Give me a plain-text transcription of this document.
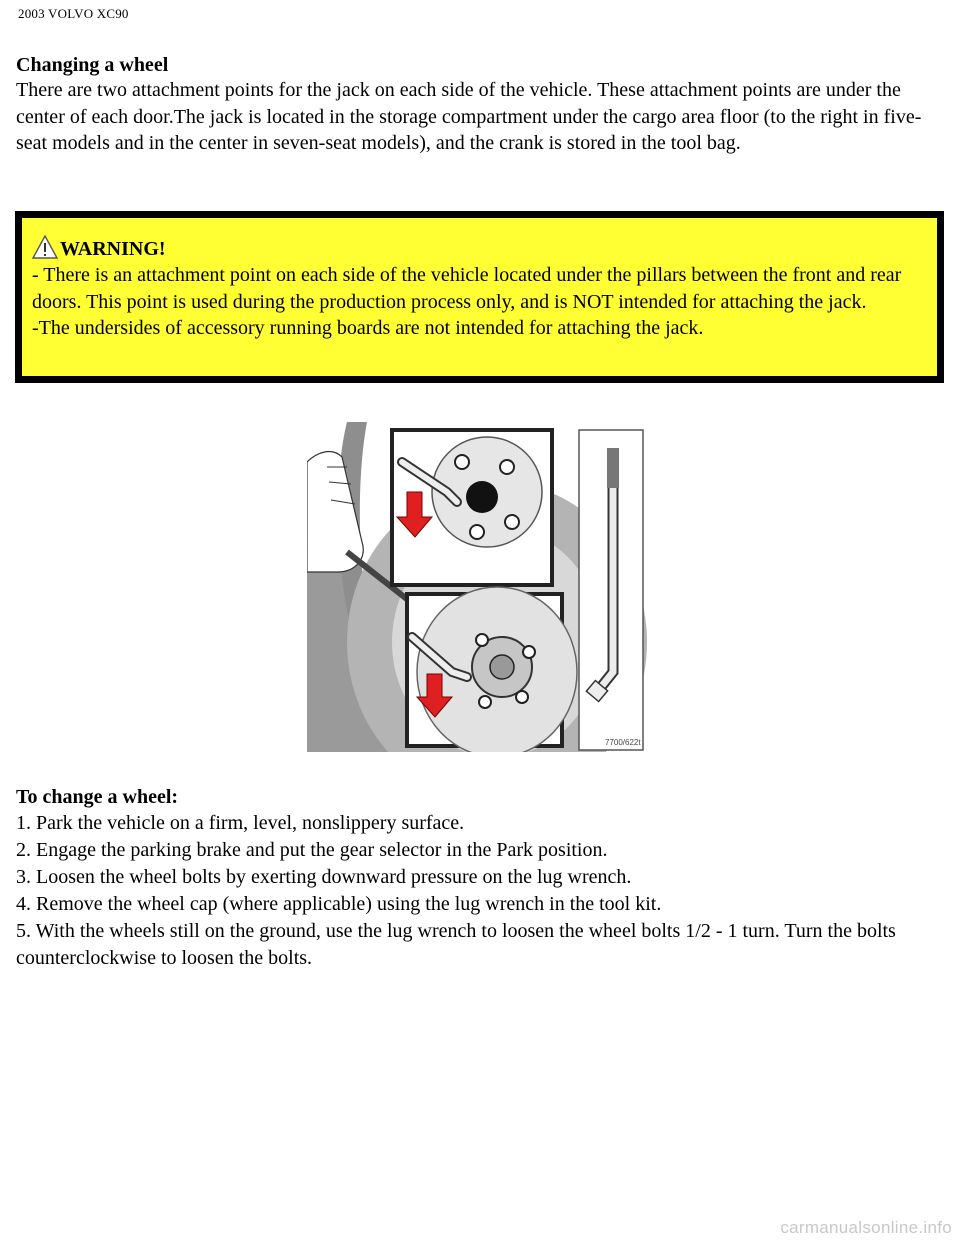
2003 VOLVO XC90
Changing a wheel
There are two attachment points for the jack on each side of the vehicle. These attachment points are under the center of each door.The jack is located in the storage compartment under the cargo area floor (to the right in five-seat models and in the center in seven-seat models), and the crank is stored in the tool bag.
WARNING!
- There is an attachment point on each side of the vehicle located under the pillars between the front and rear doors. This point is used during the production process only, and is NOT intended for attaching the jack.
-The undersides of accessory running boards are not intended for attaching the jack.
7700/622t
To change a wheel:
1. Park the vehicle on a firm, level, nonslippery surface.
2. Engage the parking brake and put the gear selector in the Park position.
3. Loosen the wheel bolts by exerting downward pressure on the lug wrench.
4. Remove the wheel cap (where applicable) using the lug wrench in the tool kit.
5. With the wheels still on the ground, use the lug wrench to loosen the wheel bolts 1/2 - 1 turn. Turn the bolts counterclockwise to loosen the bolts.
carmanualsonline.info
